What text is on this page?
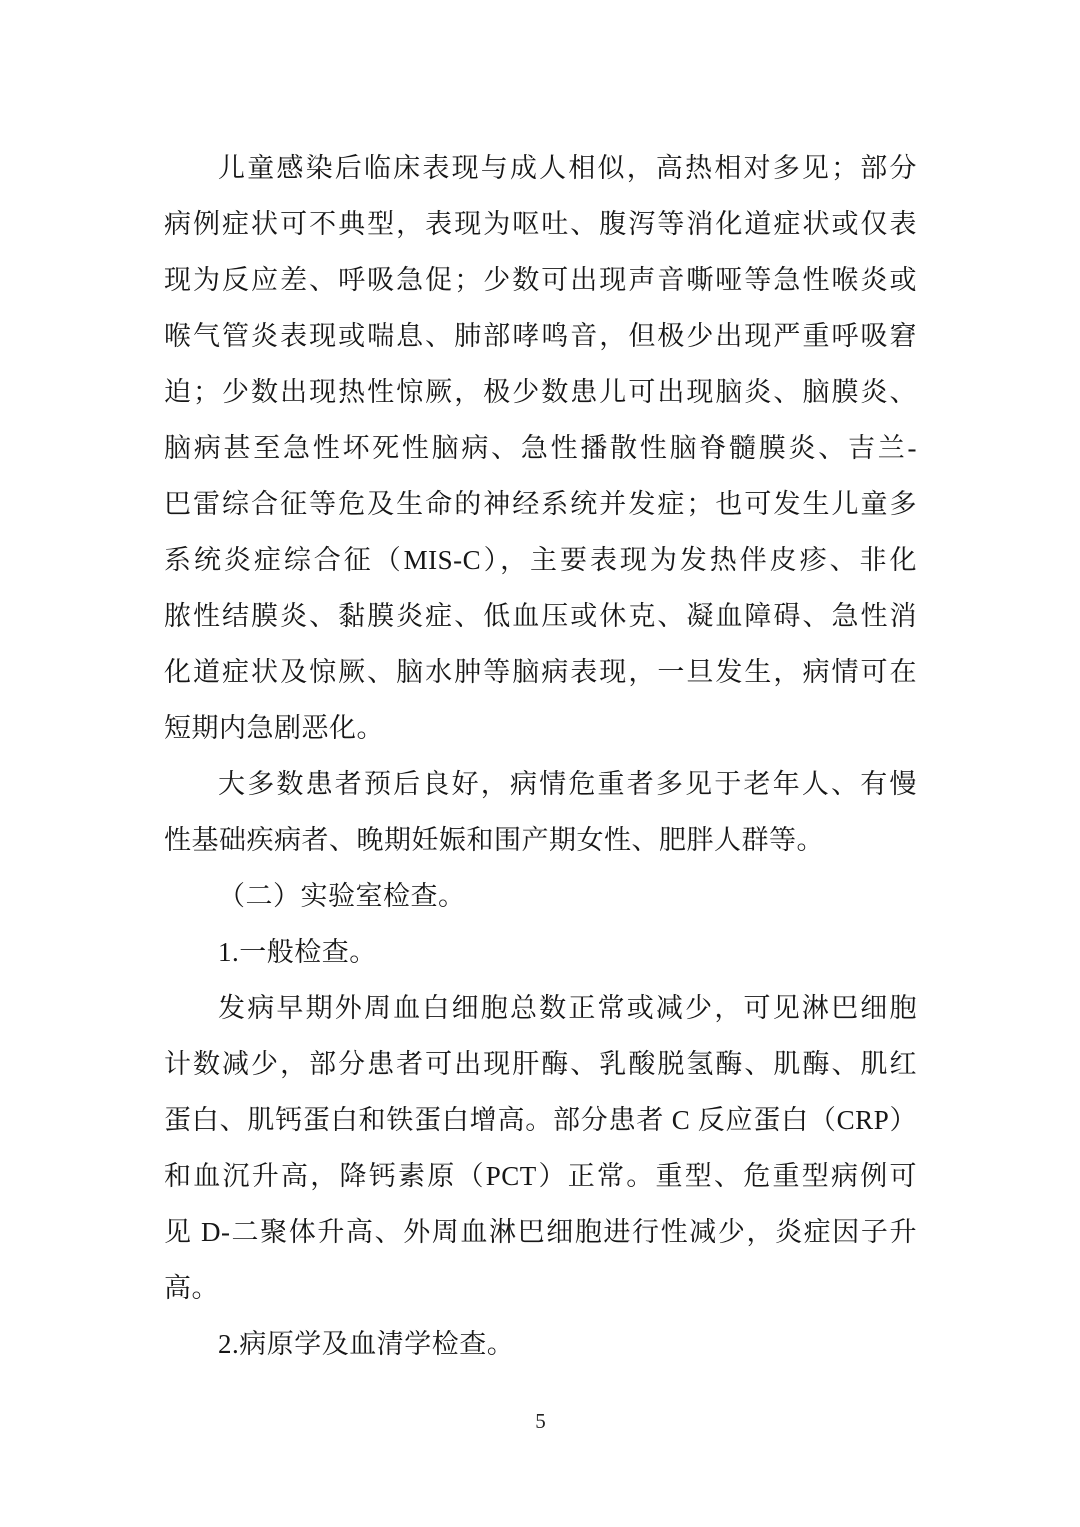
儿童感染后临床表现与成人相似，高热相对多见；部分
病例症状可不典型，表现为呕吐、腹泻等消化道症状或仅表
现为反应差、呼吸急促；少数可出现声音嘶哑等急性喉炎或
喉气管炎表现或喘息、肺部哮鸣音，但极少出现严重呼吸窘
迫；少数出现热性惊厥，极少数患儿可出现脑炎、脑膜炎、
脑病甚至急性坏死性脑病、急性播散性脑脊髓膜炎、吉兰-
巴雷综合征等危及生命的神经系统并发症；也可发生儿童多
系统炎症综合征（MIS-C），主要表现为发热伴皮疹、非化
脓性结膜炎、黏膜炎症、低血压或休克、凝血障碍、急性消
化道症状及惊厥、脑水肿等脑病表现，一旦发生，病情可在
短期内急剧恶化。
大多数患者预后良好，病情危重者多见于老年人、有慢
性基础疾病者、晚期妊娠和围产期女性、肥胖人群等。
（二）实验室检查。
1.一般检查。
发病早期外周血白细胞总数正常或减少，可见淋巴细胞
计数减少，部分患者可出现肝酶、乳酸脱氢酶、肌酶、肌红
蛋白、肌钙蛋白和铁蛋白增高。部分患者 C 反应蛋白（CRP）
和血沉升高，降钙素原（PCT）正常。重型、危重型病例可
见 D-二聚体升高、外周血淋巴细胞进行性减少，炎症因子升
高。
2.病原学及血清学检查。
5
